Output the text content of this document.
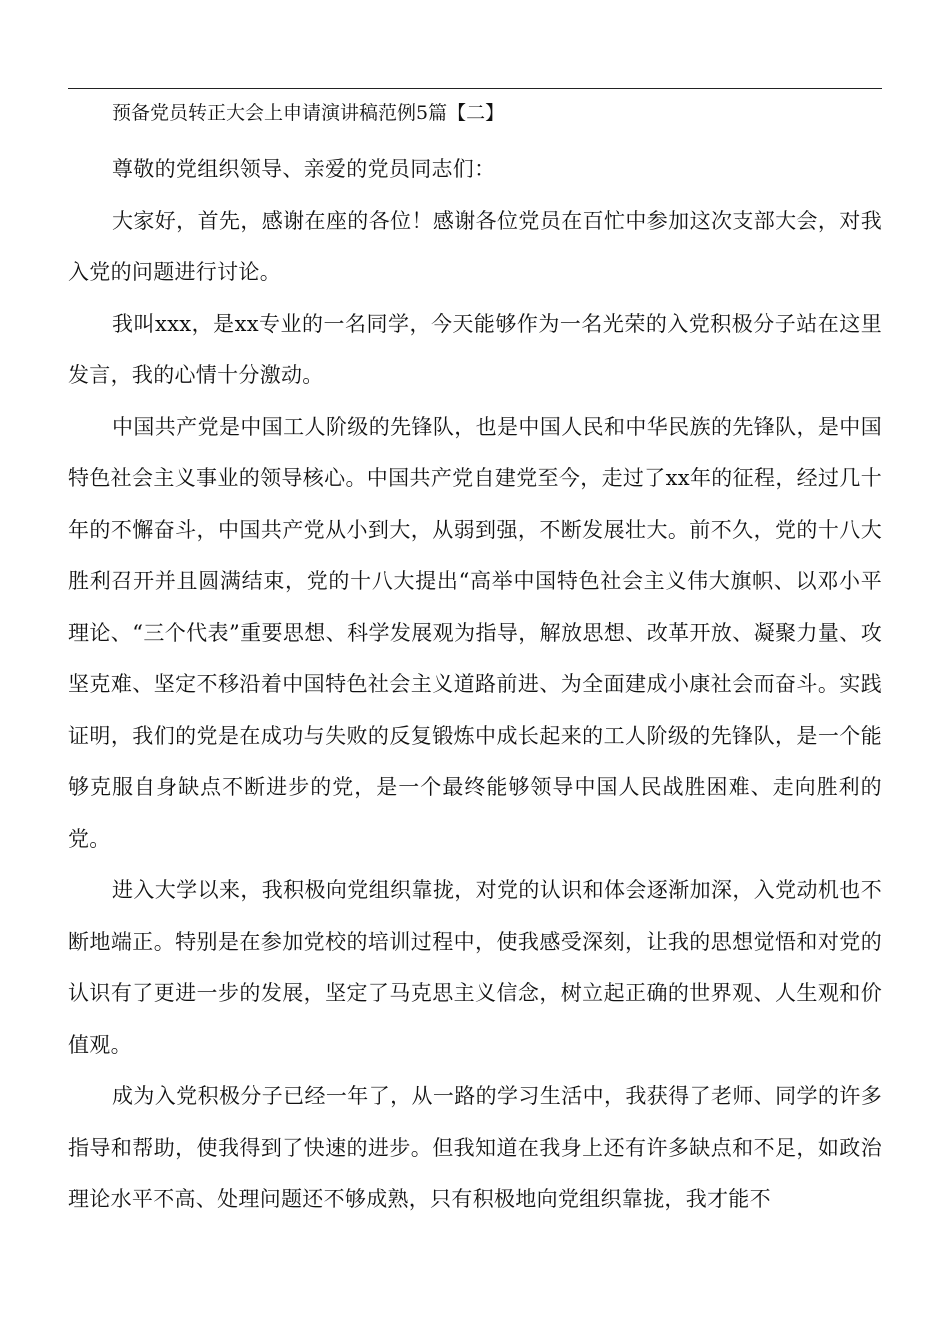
预备党员转正大会上申请演讲稿范例5篇【二】

尊敬的党组织领导、亲爱的党员同志们：

大家好，首先，感谢在座的各位！感谢各位党员在百忙中参加这次支部大会，对我入党的问题进行讨论。

我叫xxx，是xx专业的一名同学，今天能够作为一名光荣的入党积极分子站在这里发言，我的心情十分激动。

中国共产党是中国工人阶级的先锋队，也是中国人民和中华民族的先锋队，是中国特色社会主义事业的领导核心。中国共产党自建党至今，走过了xx年的征程，经过几十年的不懈奋斗，中国共产党从小到大，从弱到强，不断发展壮大。前不久，党的十八大胜利召开并且圆满结束，党的十八大提出“高举中国特色社会主义伟大旗帜、以邓小平理论、“三个代表”重要思想、科学发展观为指导，解放思想、改革开放、凝聚力量、攻坚克难、坚定不移沿着中国特色社会主义道路前进、为全面建成小康社会而奋斗。实践证明，我们的党是在成功与失败的反复锻炼中成长起来的工人阶级的先锋队，是一个能够克服自身缺点不断进步的党，是一个最终能够领导中国人民战胜困难、走向胜利的党。

进入大学以来，我积极向党组织靠拢，对党的认识和体会逐渐加深，入党动机也不断地端正。特别是在参加党校的培训过程中，使我感受深刻，让我的思想觉悟和对党的认识有了更进一步的发展，坚定了马克思主义信念，树立起正确的世界观、人生观和价值观。

成为入党积极分子已经一年了，从一路的学习生活中，我获得了老师、同学的许多指导和帮助，使我得到了快速的进步。但我知道在我身上还有许多缺点和不足，如政治理论水平不高、处理问题还不够成熟，只有积极地向党组织靠拢，我才能不
